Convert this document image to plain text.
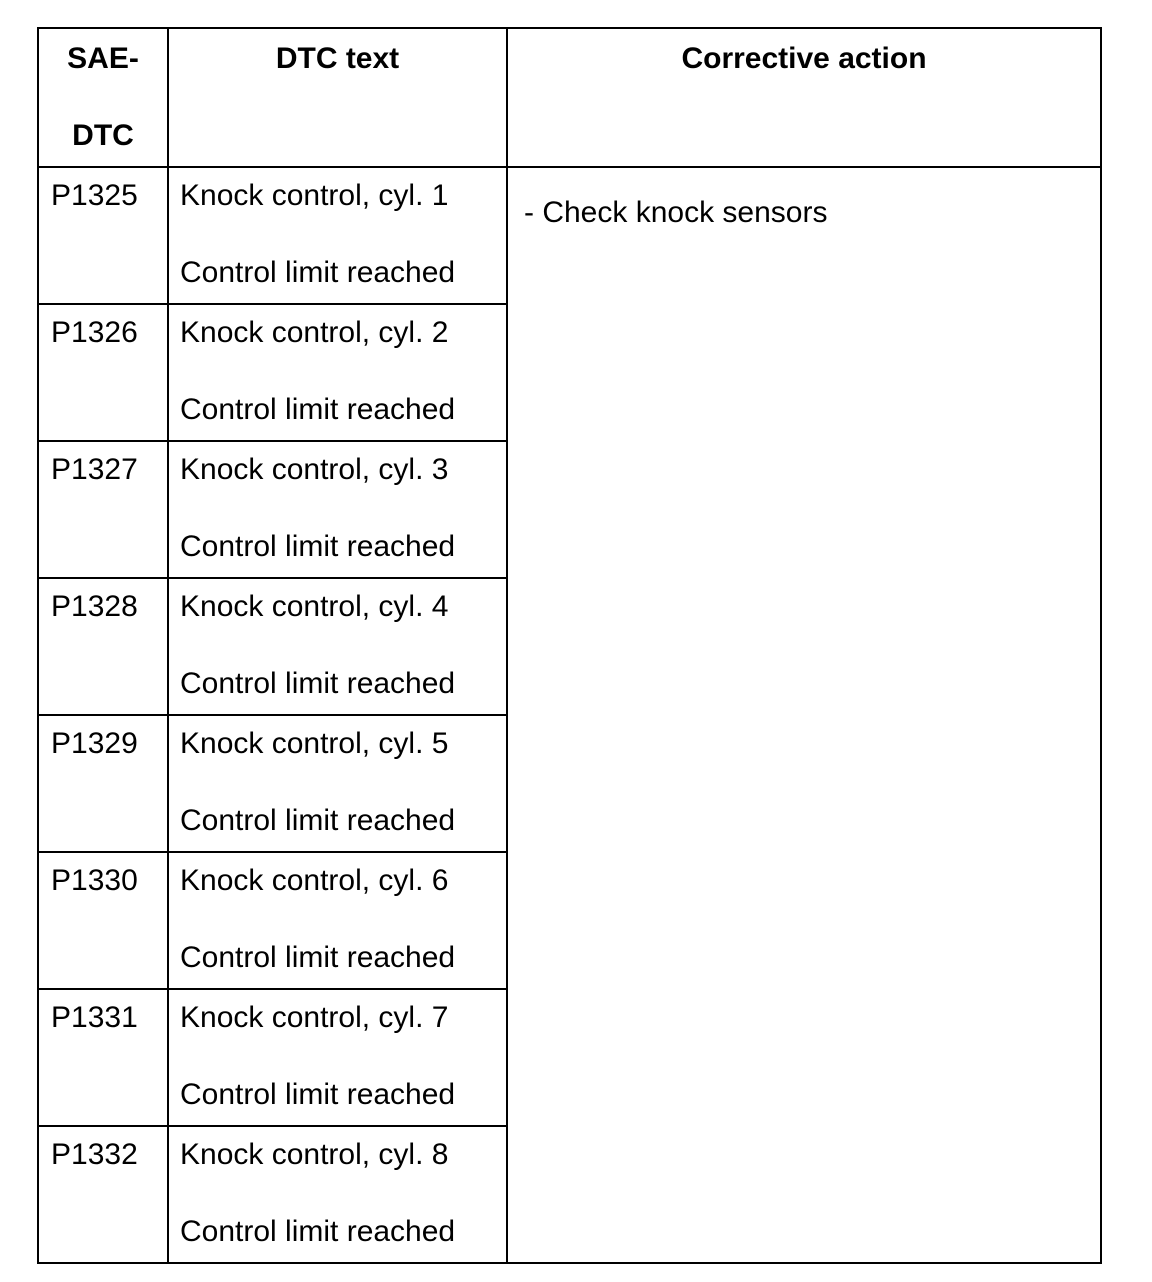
SAE-
DTC	DTC text	Corrective action

P1325	Knock control, cyl. 1
Control limit reached	- Check knock sensors

P1326	Knock control, cyl. 2
Control limit reached	

P1327	Knock control, cyl. 3
Control limit reached	

P1328	Knock control, cyl. 4
Control limit reached	

P1329	Knock control, cyl. 5
Control limit reached	

P1330	Knock control, cyl. 6
Control limit reached	

P1331	Knock control, cyl. 7
Control limit reached	

P1332	Knock control, cyl. 8
Control limit reached	
